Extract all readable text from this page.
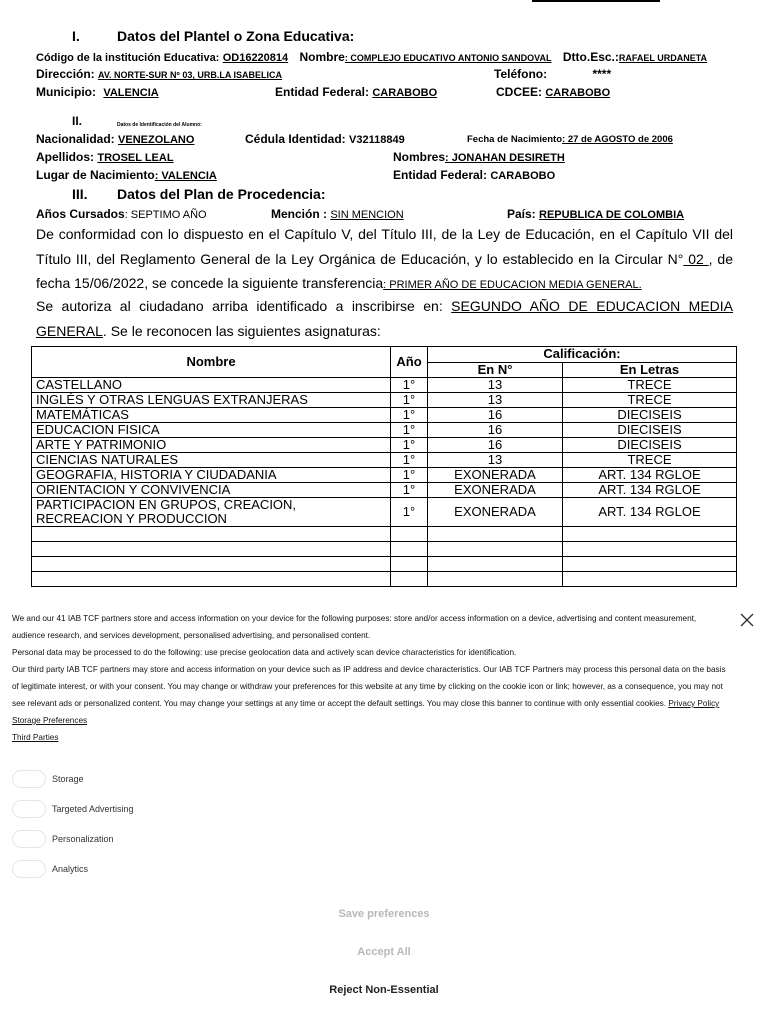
I.	Datos del Plantel o Zona Educativa:
Código de la institución Educativa: OD16220814 Nombre: COMPLEJO EDUCATIVO ANTONIO SANDOVAL Dtto.Esc.:RAFAEL URDANETA
Dirección: AV. NORTE-SUR Nº 03, URB.LA ISABELICA	Teléfono:	****
Municipio: VALENCIA	Entidad Federal: CARABOBO	CDCEE: CARABOBO
II.	Datos de Identificación del Alumno:
Nacionalidad: VENEZOLANO	Cédula Identidad: V32118849	Fecha de Nacimiento: 27 de AGOSTO de 2006
Apellidos: TROSEL LEAL	Nombres: JONAHAN DESIRETH
Lugar de Nacimiento: VALENCIA	Entidad Federal: CARABOBO
III. Datos del Plan de Procedencia:
Años Cursados: SEPTIMO AÑO	Mención : SIN MENCION	País: REPUBLICA DE COLOMBIA
De conformidad con lo dispuesto en el Capítulo V, del Título III, de la Ley de Educación, en el Capítulo VII del Título III, del Reglamento General de la Ley Orgánica de Educación, y lo establecido en la Circular N° 02 , de fecha 15/06/2022, se concede la siguiente transferencia: PRIMER AÑO DE EDUCACION MEDIA GENERAL.
Se autoriza al ciudadano arriba identificado a inscribirse en: SEGUNDO AÑO DE EDUCACION MEDIA GENERAL. Se le reconocen las siguientes asignaturas:
Nombre	Año	Calificación:	
		En N°	En Letras
CASTELLANO	1°	13	TRECE
INGLÉS Y OTRAS LENGUAS EXTRANJERAS	1°	13	TRECE
MATEMÁTICAS	1°	16	DIECISEIS
EDUCACION FISICA	1°	16	DIECISEIS
ARTE Y PATRIMONIO	1°	16	DIECISEIS
CIENCIAS NATURALES	1°	13	TRECE
GEOGRAFIA, HISTORIA Y CIUDADANIA	1°	EXONERADA	ART. 134 RGLOE
ORIENTACION Y CONVIVENCIA	1°	EXONERADA	ART. 134 RGLOE
PARTICIPACION EN GRUPOS, CREACION, RECREACION Y PRODUCCION	1°	EXONERADA	ART. 134 RGLOE

We and our 41 IAB TCF partners store and access information on your device for the following purposes: store and/or access information on a device, advertising and content measurement, audience research, and services development, personalised advertising, and personalised content.

Personal data may be processed to do the following: use precise geolocation data and actively scan device characteristics for identification.

Our third party IAB TCF partners may store and access information on your device such as IP address and device characteristics. Our IAB TCF Partners may process this personal data on the basis of legitimate interest, or with your consent. You may change or withdraw your preferences for this website at any time by clicking on the cookie icon or link; however, as a consequence, you may not see relevant ads or personalized content. You may change your settings at any time or accept the default settings. You may close this banner to continue with only essential cookies. Privacy Policy

Storage Preferences

Third Parties

Storage
Targeted Advertising
Personalization
Analytics
Save preferences
Accept All
Reject Non-Essential
